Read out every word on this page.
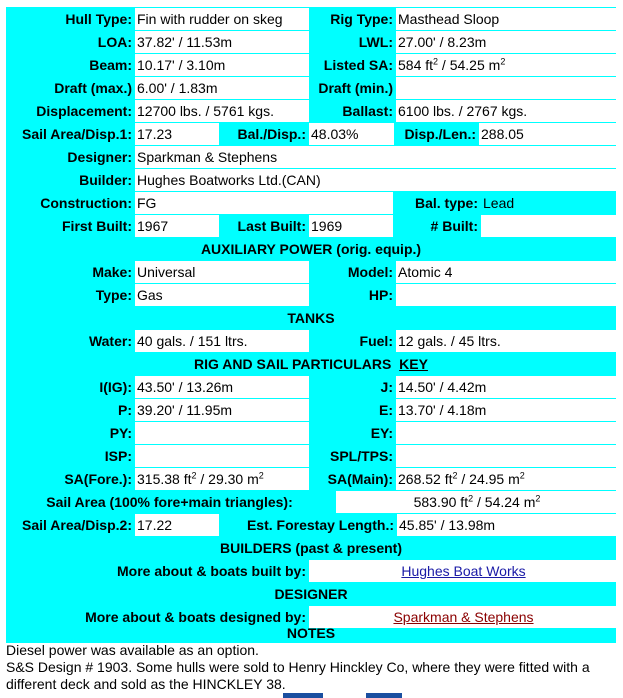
Hull Type: Fin with rudder on skeg	Rig Type: Masthead Sloop
LOA: 37.82' / 11.53m	LWL: 27.00' / 8.23m
Beam: 10.17' / 3.10m	Listed SA: 584 $ft^2 / 54.25$ $m^2$
Draft (max.) 6.00' / 1.83m	Draft (min.)
Displacement: 12700 lbs. / 5761 kgs.	Ballast: 6100 lbs. / 2767 kgs.
Sail Area/Disp.1: 17.23	Bal./Disp.: 48.03%	Disp./Len.: 288.05
Designer: Sparkman & Stephens
Builder: Hughes Boatworks Ltd.(CAN)
Construction: FG	Bal. type: Lead
First Built: 1967	Last Built: 1969	# Built:
AUXILIARY POWER (orig. equip.)
Make: Universal	Model: Atomic 4
Type: Gas	HP:
TANKS
Water: 40 gals. / 151 ltrs.	Fuel: 12 gals. / 45 ltrs.
RIG AND SAIL PARTICULARS KEY
I(IG): 43.50' / 13.26m	J: 14.50' / 4.42m
P: 39.20' / 11.95m	E: 13.70' / 4.18m
PY:	EY:
ISP:	SPL/TPS:
SA(Fore.): 315.38 $ft^2 / 29.30$ $m^2$	SA(Main): 268.52 $ft^2 / 24.95$ $m^2$
Sail Area (100% fore+main triangles):	583.90 $ft^2 / 54.24$ $m^2$
Sail Area/Disp.2: 17.22	Est. Forestay Length.: 45.85' / 13.98m
BUILDERS (past & present)
More about & boats built by:	Hughes Boat Works
DESIGNER
More about & boats designed by:	Sparkman & Stephens
NOTES
Diesel power was available as an option.
S&S Design # 1903. Some hulls were sold to Henry Hinckley Co, where they were fitted with a different deck and sold as the HINCKLEY 38.
